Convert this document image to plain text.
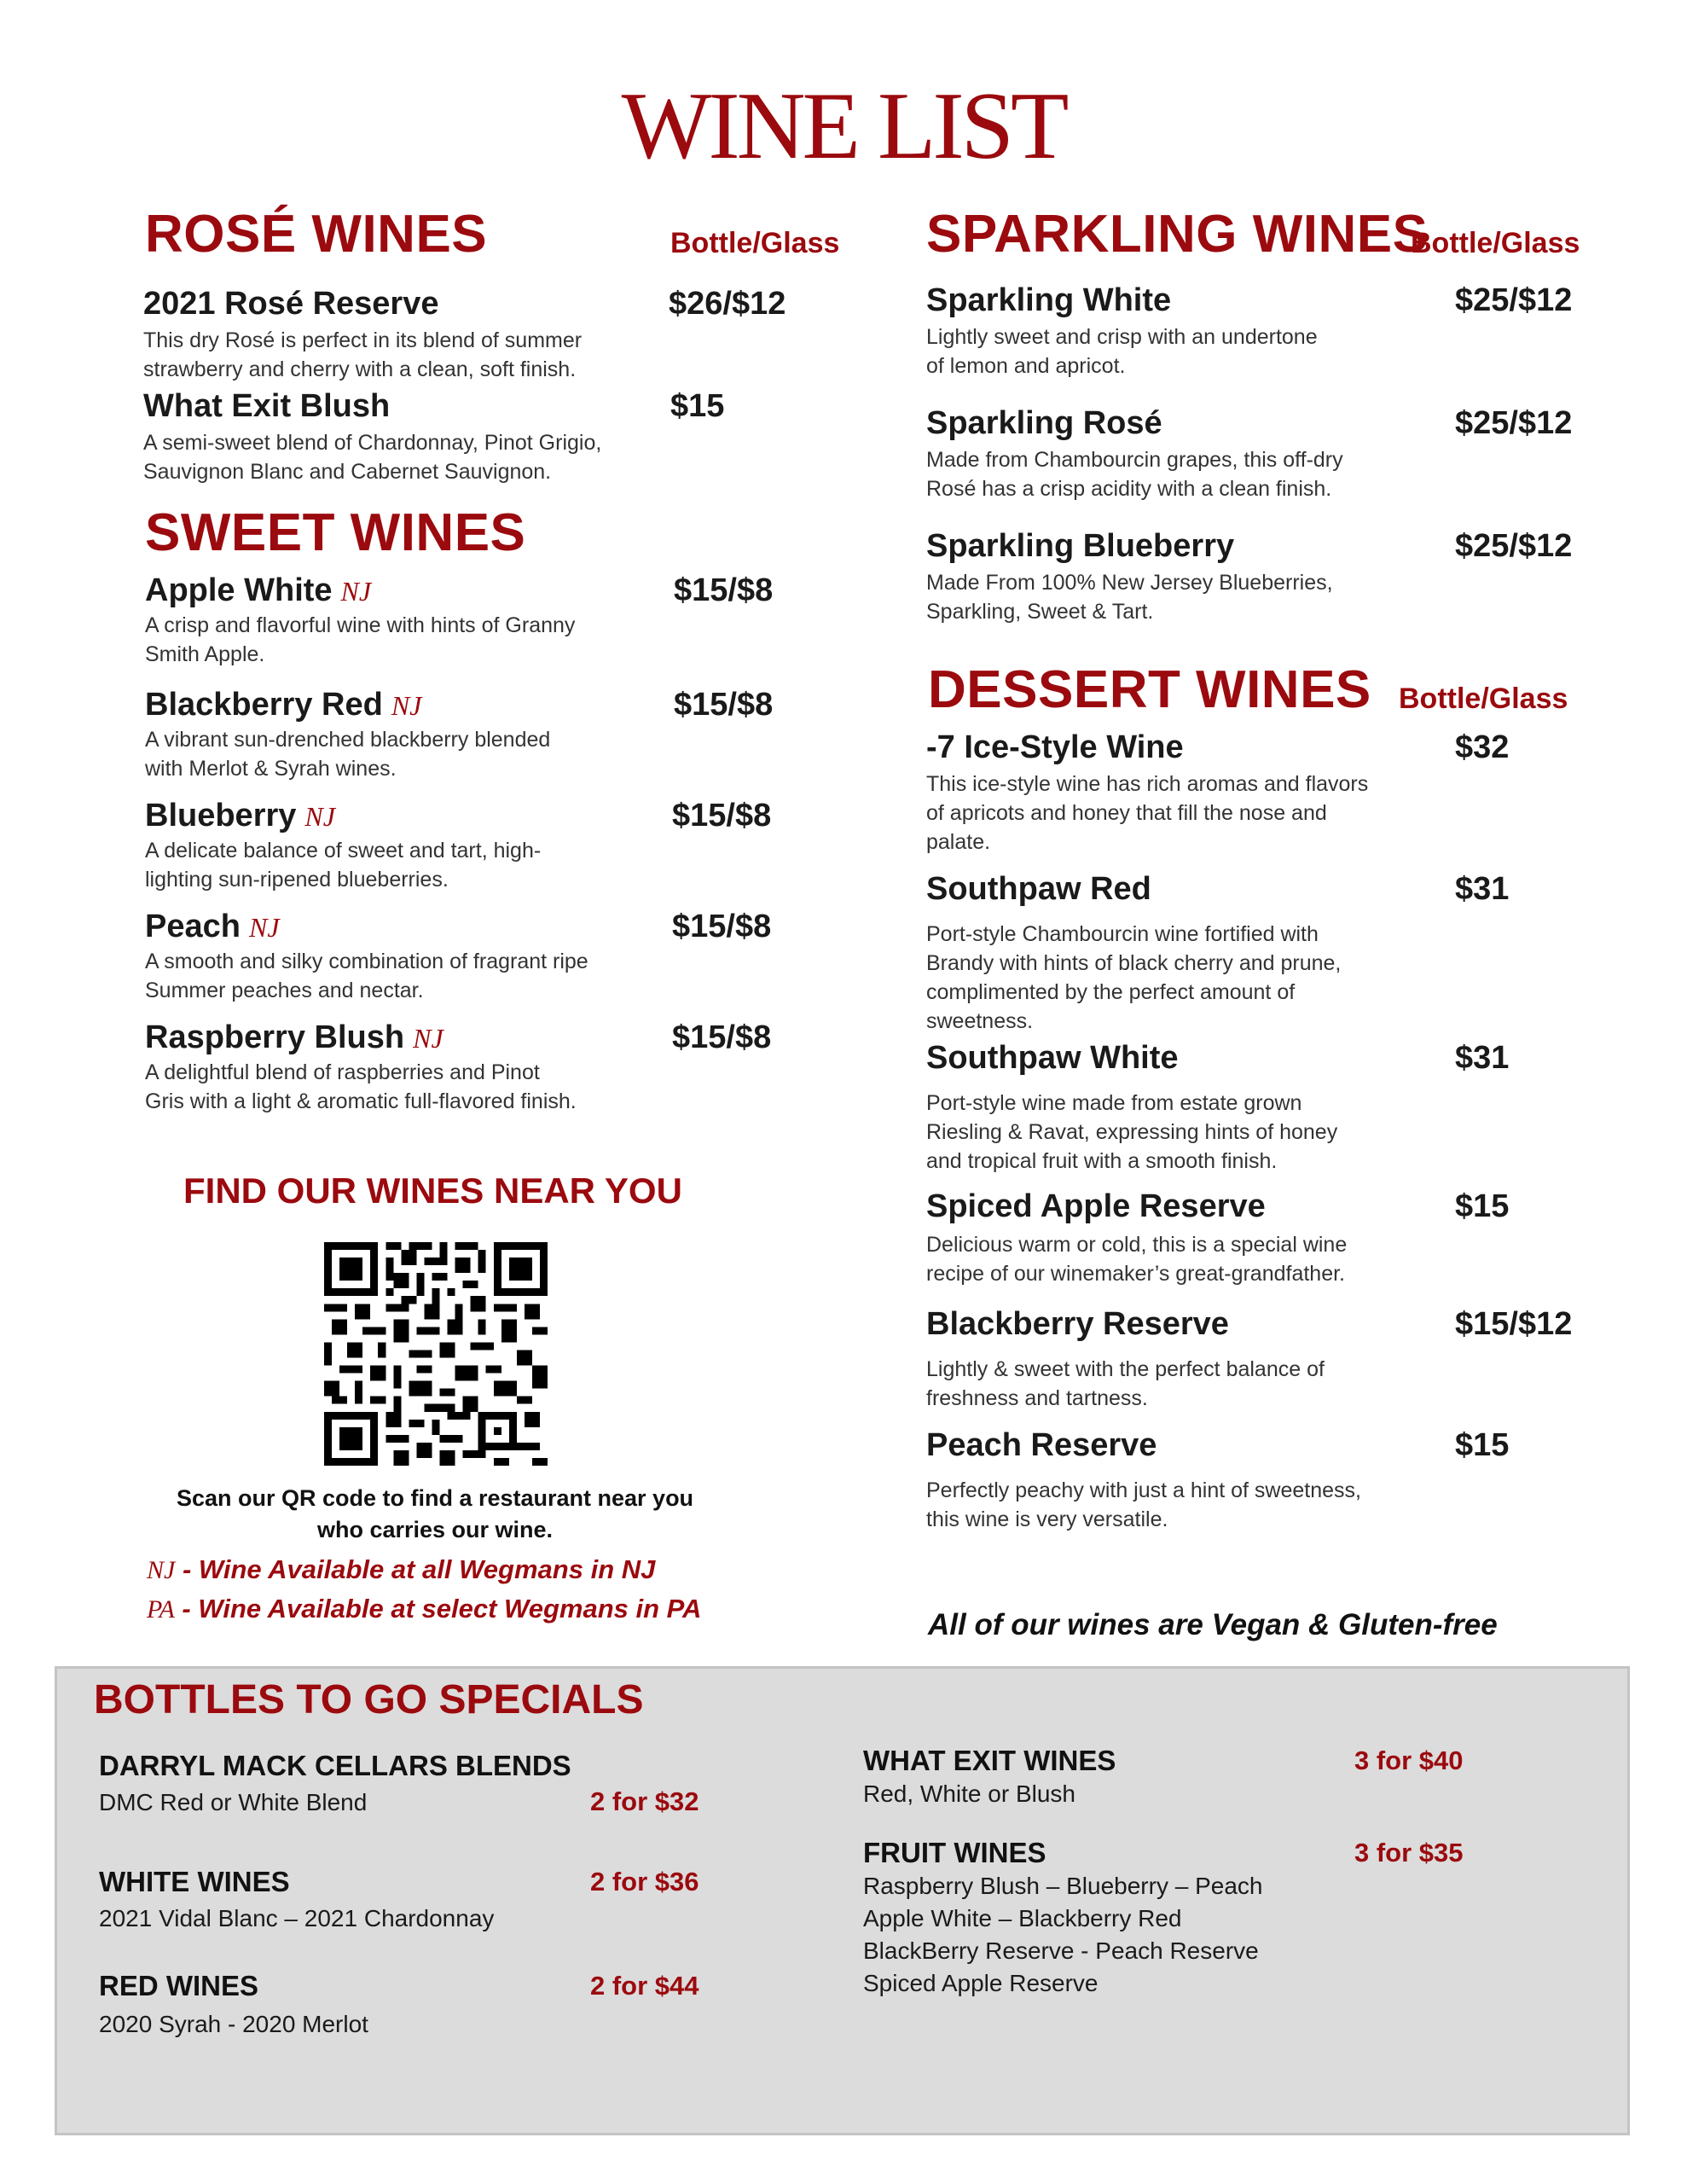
WINE LIST
ROSÉ WINES	Bottle/Glass
2021 Rosé Reserve	$26/$12
This dry Rosé is perfect in its blend of summer
strawberry and cherry with a clean, soft finish.
What Exit Blush	$15
A semi-sweet blend of Chardonnay, Pinot Grigio,
Sauvignon Blanc and Cabernet Sauvignon.
SWEET WINES
Apple White NJ	$15/$8
A crisp and flavorful wine with hints of Granny
Smith Apple.
Blackberry Red NJ	$15/$8
A vibrant sun-drenched blackberry blended
with Merlot & Syrah wines.
Blueberry NJ	$15/$8
A delicate balance of sweet and tart, high-
lighting sun-ripened blueberries.
Peach NJ	$15/$8
A smooth and silky combination of fragrant ripe
Summer peaches and nectar.
Raspberry Blush NJ	$15/$8
A delightful blend of raspberries and Pinot
Gris with a light & aromatic full-flavored finish.
FIND OUR WINES NEAR YOU
Scan our QR code to find a restaurant near you
who carries our wine.
NJ - Wine Available at all Wegmans in NJ
PA - Wine Available at select Wegmans in PA
SPARKLING WINES
Bottle/Glass
Sparkling White	$25/$12
Lightly sweet and crisp with an undertone
of lemon and apricot.
Sparkling Rosé	$25/$12
Made from Chambourcin grapes, this off-dry
Rosé has a crisp acidity with a clean finish.
Sparkling Blueberry	$25/$12
Made From 100% New Jersey Blueberries,
Sparkling, Sweet & Tart.
DESSERT WINES Bottle/Glass
-7 Ice-Style Wine	$32
This ice-style wine has rich aromas and flavors
of apricots and honey that fill the nose and
palate.
Southpaw Red	$31
Port-style Chambourcin wine fortified with
Brandy with hints of black cherry and prune,
complimented by the perfect amount of
sweetness.
Southpaw White	$31
Port-style wine made from estate grown
Riesling & Ravat, expressing hints of honey
and tropical fruit with a smooth finish.
Spiced Apple Reserve	$15
Delicious warm or cold, this is a special wine
recipe of our winemaker’s great-grandfather.
Blackberry Reserve	$15/$12
Lightly & sweet with the perfect balance of
freshness and tartness.
Peach Reserve	$15
Perfectly peachy with just a hint of sweetness,
this wine is very versatile.
All of our wines are Vegan & Gluten-free
BOTTLES TO GO SPECIALS
DARRYL MACK CELLARS BLENDS
DMC Red or White Blend	2 for $32
WHITE WINES	2 for $36
2021 Vidal Blanc – 2021 Chardonnay
RED WINES	2 for $44
2020 Syrah - 2020 Merlot
WHAT EXIT WINES	3 for $40
Red, White or Blush
FRUIT WINES	3 for $35
Raspberry Blush – Blueberry – Peach
Apple White – Blackberry Red
BlackBerry Reserve - Peach Reserve
Spiced Apple Reserve
